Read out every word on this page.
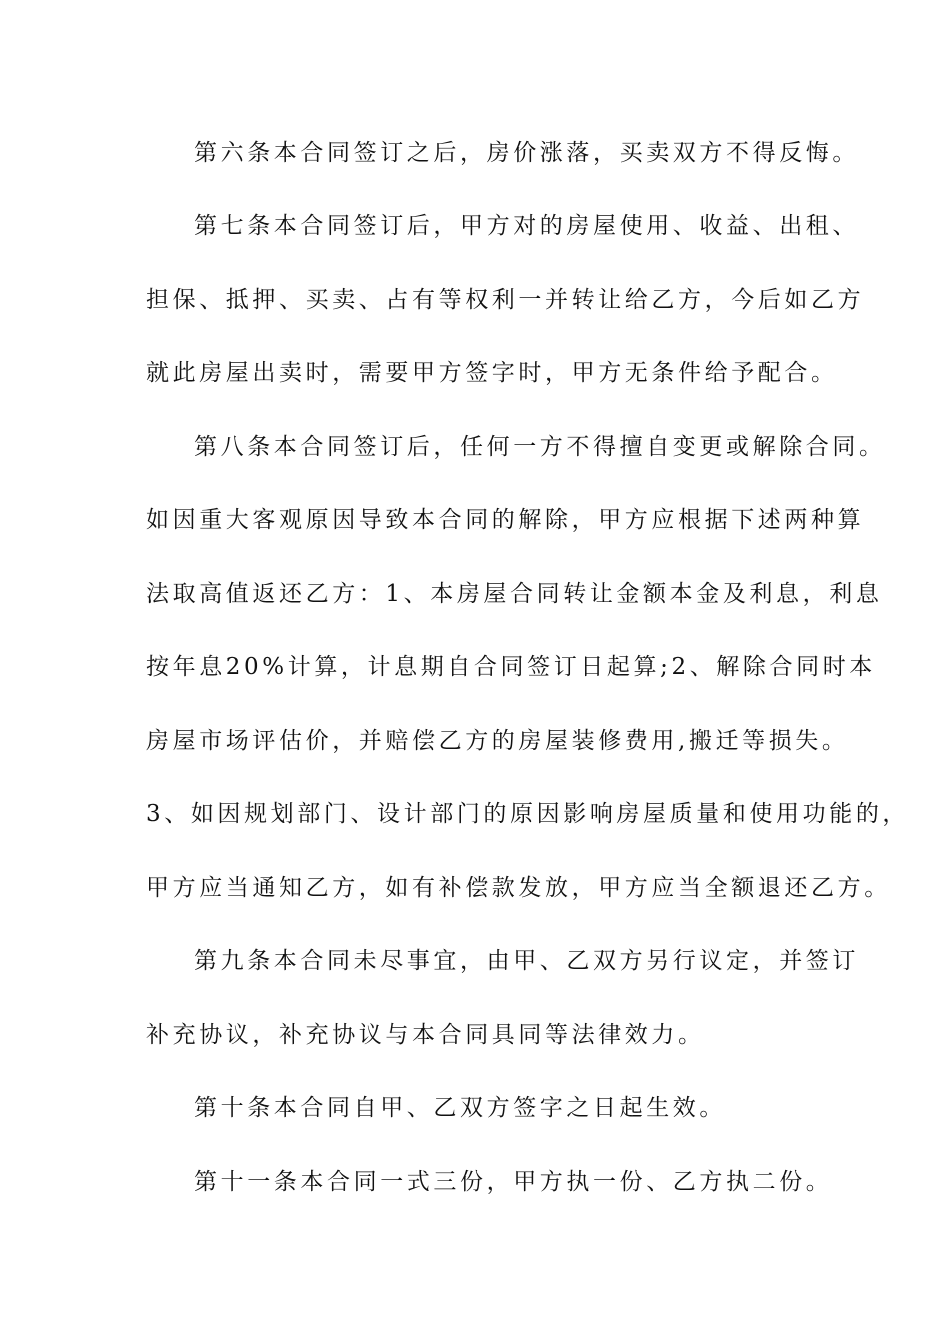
第六条本合同签订之后，房价涨落，买卖双方不得反悔。
第七条本合同签订后，甲方对的房屋使用、收益、出租、
担保、抵押、买卖、占有等权利一并转让给乙方，今后如乙方
就此房屋出卖时，需要甲方签字时，甲方无条件给予配合。
第八条本合同签订后，任何一方不得擅自变更或解除合同。
如因重大客观原因导致本合同的解除，甲方应根据下述两种算
法取高值返还乙方：1、本房屋合同转让金额本金及利息，利息
按年息20%计算，计息期自合同签订日起算;2、解除合同时本
房屋市场评估价，并赔偿乙方的房屋装修费用,搬迁等损失。
3、如因规划部门、设计部门的原因影响房屋质量和使用功能的，
甲方应当通知乙方，如有补偿款发放，甲方应当全额退还乙方。
第九条本合同未尽事宜，由甲、乙双方另行议定，并签订
补充协议，补充协议与本合同具同等法律效力。
第十条本合同自甲、乙双方签字之日起生效。
第十一条本合同一式三份，甲方执一份、乙方执二份。
